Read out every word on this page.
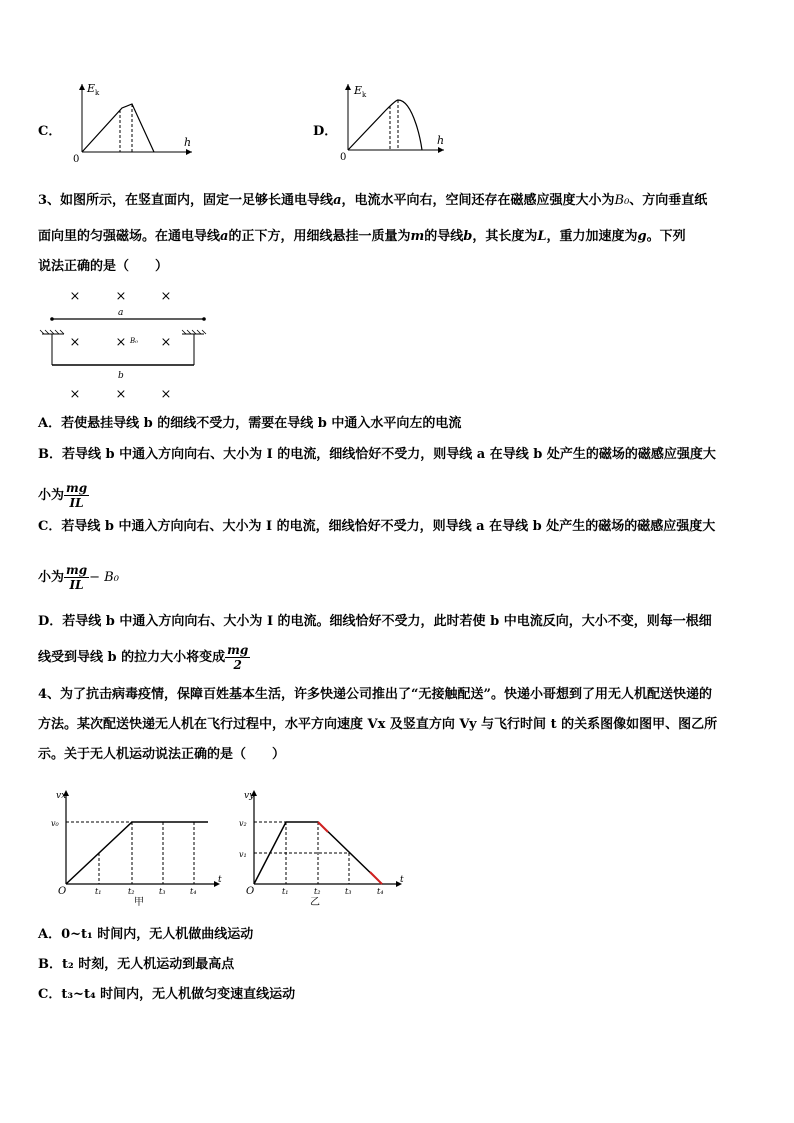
C．
E k
h
0
D．
E k
h
0
3、如图所示，在竖直面内，固定一足够长通电导线a，电流水平向右，空间还存在磁感应强度大小为B₀、方向垂直纸
面向里的匀强磁场。在通电导线a的正下方，用细线悬挂一质量为m的导线b，其长度为L，重力加速度为g。下列
说法正确的是（　　）
×	×	×
×	×	×
×	×	×
a
B₀
b
A．若使悬挂导线 b 的细线不受力，需要在导线 b 中通入水平向左的电流
B．若导线 b 中通入方向向右、大小为 I 的电流，细线恰好不受力，则导线 a 在导线 b 处产生的磁场的磁感应强度大
小为 $\frac{mg}{IL}$
C．若导线 b 中通入方向向右、大小为 I 的电流，细线恰好不受力，则导线 a 在导线 b 处产生的磁场的磁感应强度大
小为 $\frac{mg}{IL} - B_0$
D．若导线 b 中通入方向向右、大小为 I 的电流。细线恰好不受力，此时若使 b 中电流反向，大小不变，则每一根细
线受到导线 b 的拉力大小将变成 $\frac{mg}{2}$
4、为了抗击病毒疫情，保障百姓基本生活，许多快递公司推出了“无接触配送”。快递小哥想到了用无人机配送快递的
方法。某次配送快递无人机在飞行过程中，水平方向速度 Vx 及竖直方向 Vy 与飞行时间 t 的关系图像如图甲、图乙所
示。关于无人机运动说法正确的是（　　）
vx
v₀
O	t₁	t₂	t₃	t₄
t
甲
vy
v₂
v₁
O	t₁	t₂	t₃	t₄
t
乙
A．0~t₁ 时间内，无人机做曲线运动
B．t₂ 时刻，无人机运动到最高点
C．t₃~t₄ 时间内，无人机做匀变速直线运动
